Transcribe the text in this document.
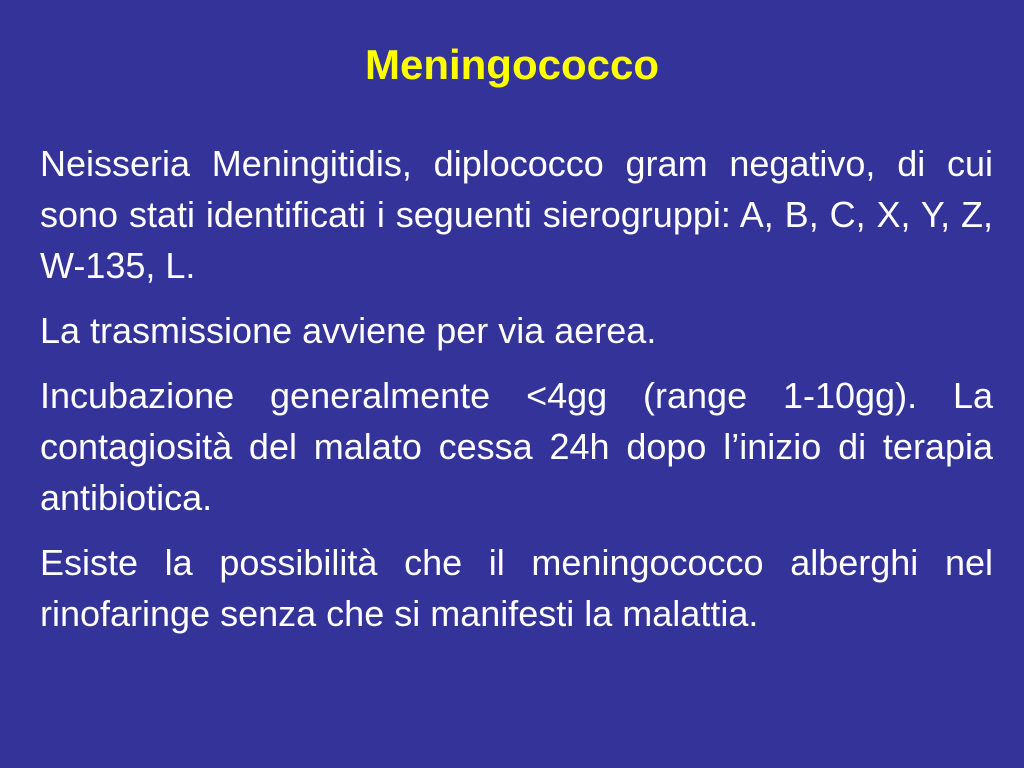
Meningococco

Neisseria Meningitidis, diplococco gram negativo, di cui sono stati identificati i seguenti sierogruppi: A, B, C, X, Y, Z, W-135, L.

La trasmissione avviene per via aerea.

Incubazione generalmente <4gg (range 1-10gg). La contagiosità del malato cessa 24h dopo l’inizio di terapia antibiotica.

Esiste la possibilità che il meningococco alberghi nel rinofaringe senza che si manifesti la malattia.
